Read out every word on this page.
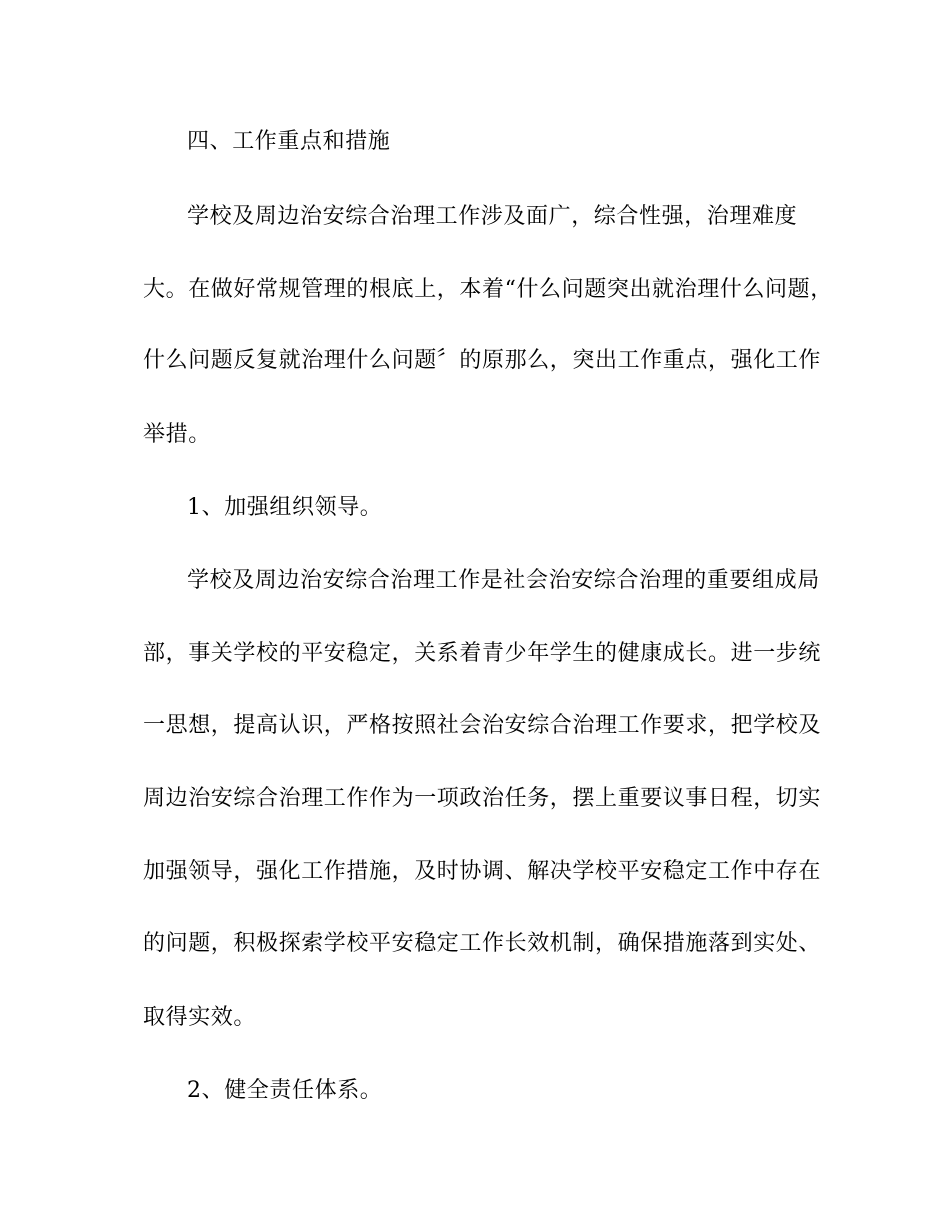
四、工作重点和措施
学校及周边治安综合治理工作涉及面广，综合性强，治理难度
大。在做好常规管理的根底上，本着“什么问题突出就治理什么问题，
什么问题反复就治理什么问题〞的原那么，突出工作重点，强化工作
举措。
1、加强组织领导。
学校及周边治安综合治理工作是社会治安综合治理的重要组成局
部，事关学校的平安稳定，关系着青少年学生的健康成长。进一步统
一思想，提高认识，严格按照社会治安综合治理工作要求，把学校及
周边治安综合治理工作作为一项政治任务，摆上重要议事日程，切实
加强领导，强化工作措施，及时协调、解决学校平安稳定工作中存在
的问题，积极探索学校平安稳定工作长效机制，确保措施落到实处、
取得实效。
2、健全责任体系。
